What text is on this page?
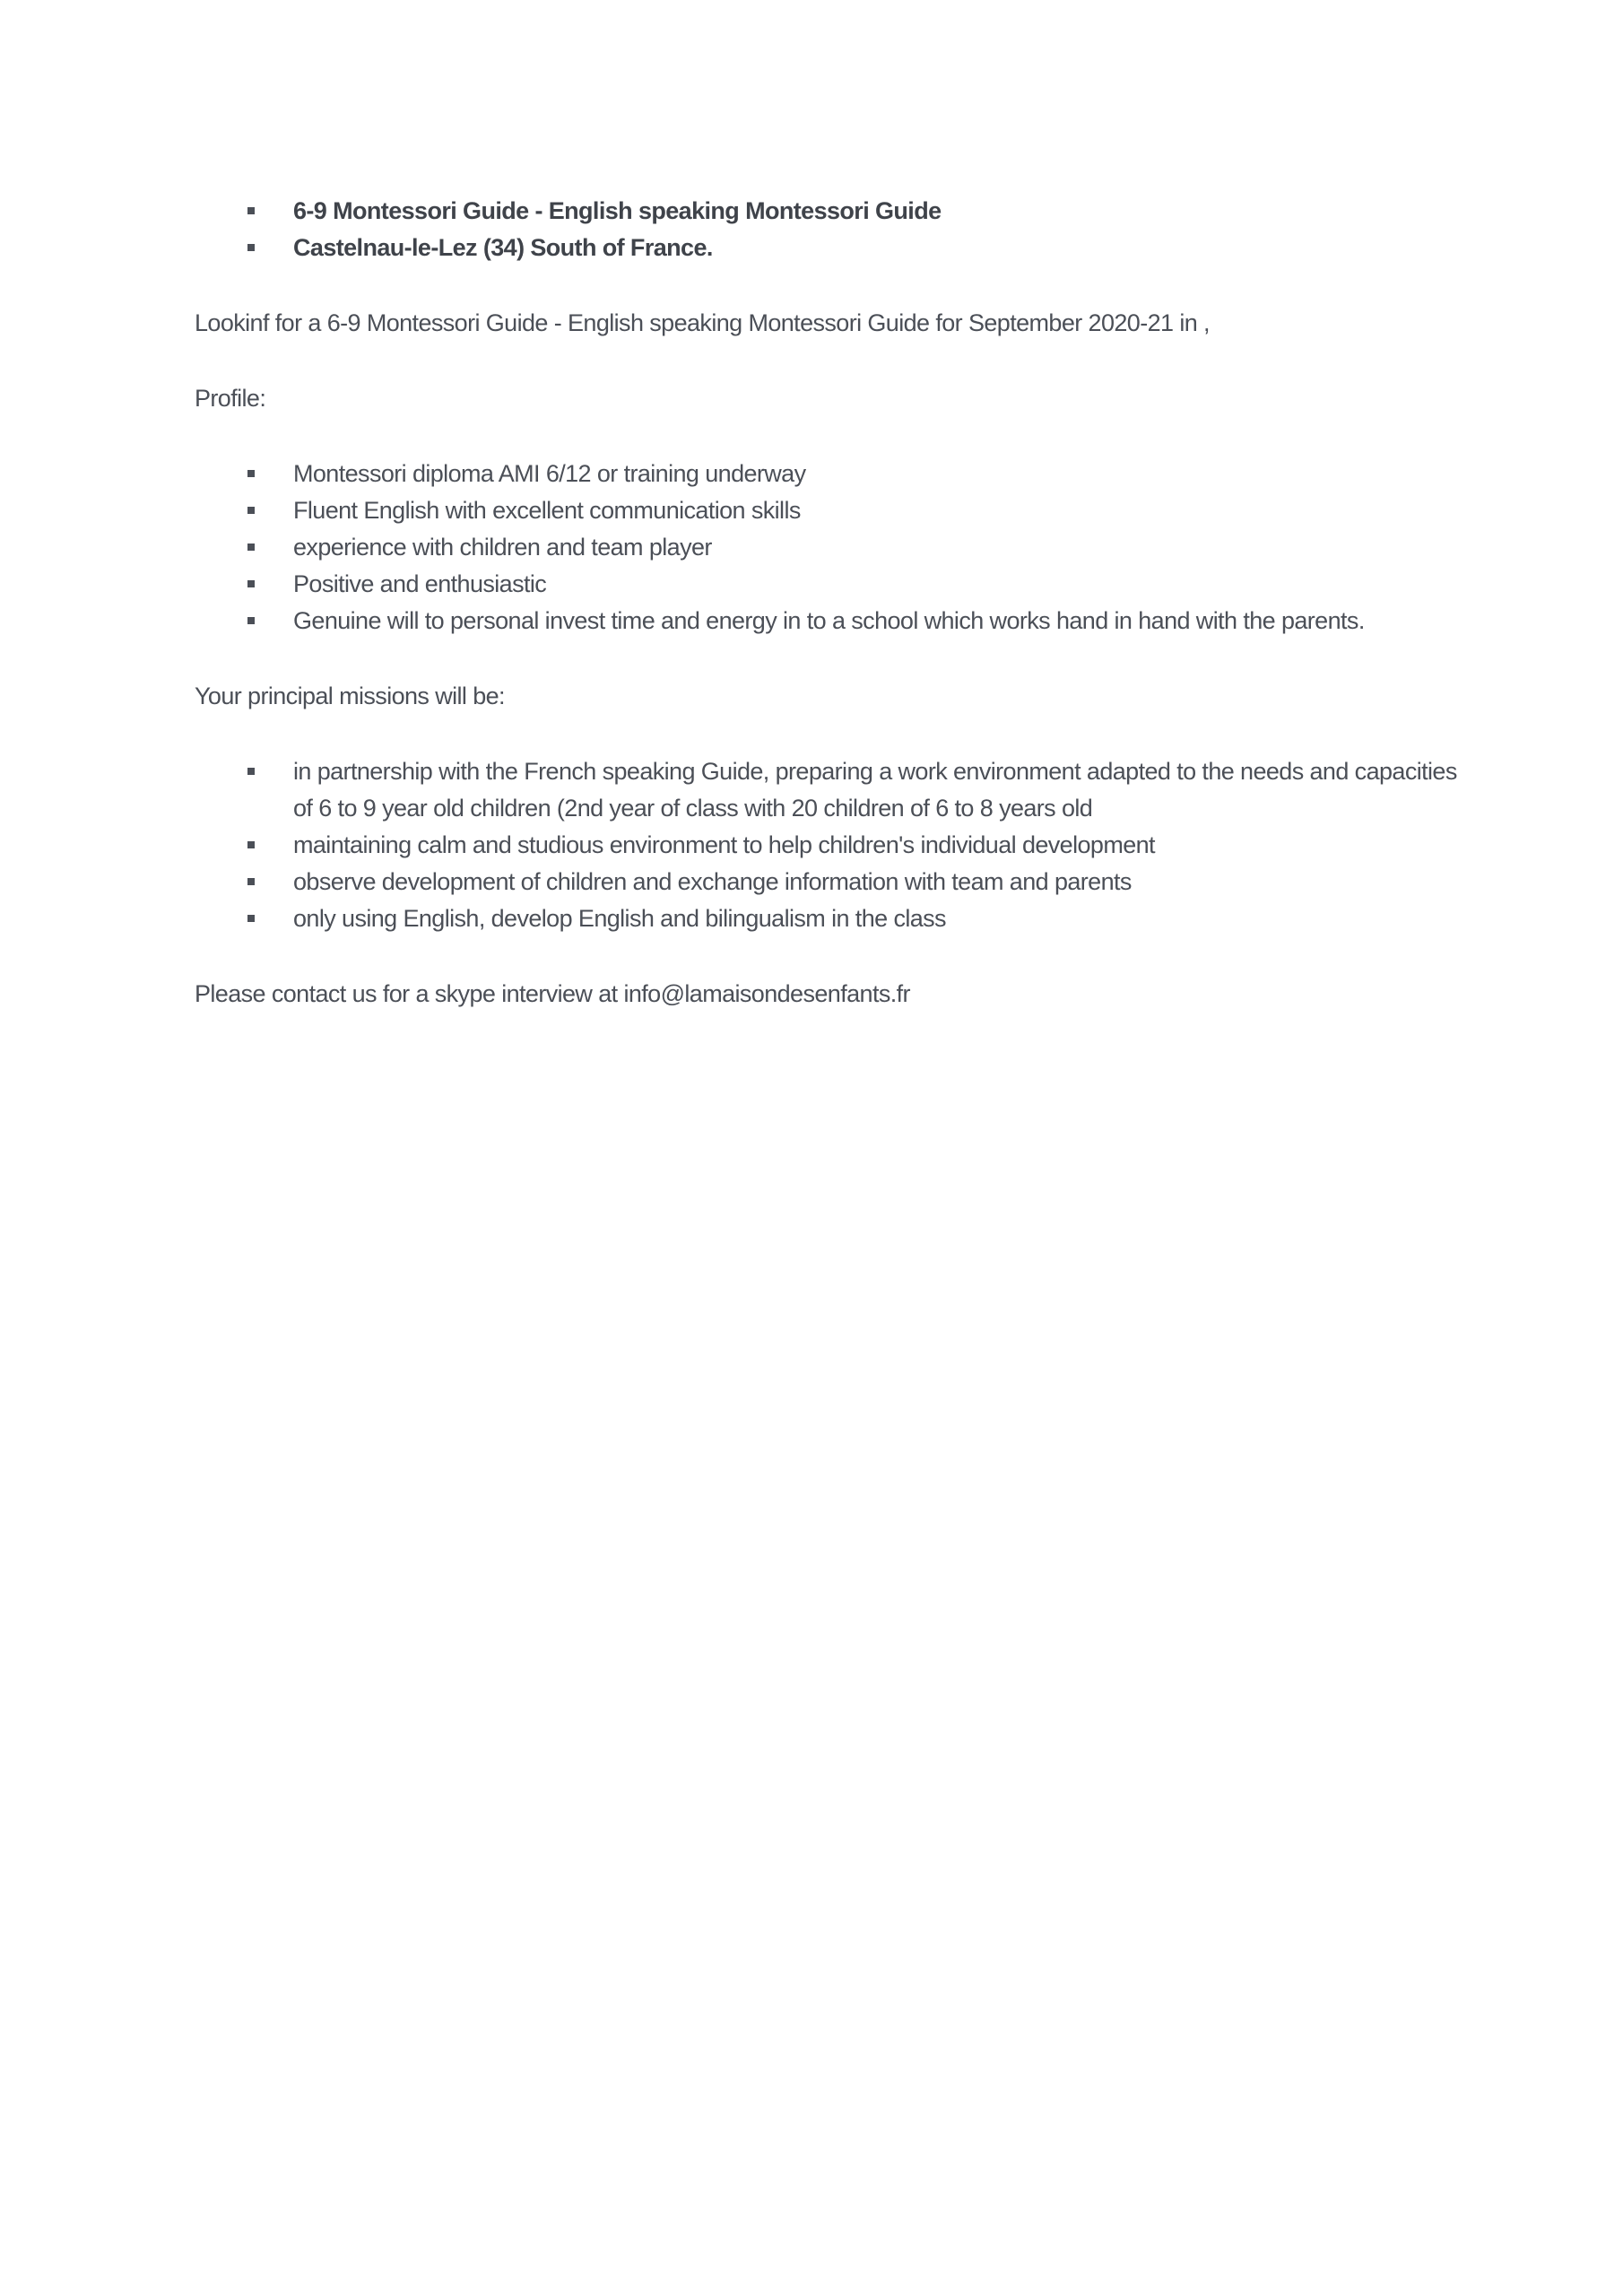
6-9 Montessori Guide - English speaking Montessori Guide
Castelnau-le-Lez (34) South of France.

Lookinf for a 6-9 Montessori Guide - English speaking Montessori Guide for September 2020-21 in ,

Profile:

Montessori diploma AMI 6/12 or training underway
Fluent English with excellent communication skills
experience with children and team player
Positive and enthusiastic
Genuine will to personal invest time and energy in to a school which works hand in hand with the parents.

Your principal missions will be:

in partnership with the French speaking Guide, preparing a work environment adapted to the needs and capacities of 6 to 9 year old children (2nd year of class with 20 children of 6 to 8 years old
maintaining calm and studious environment to help children's individual development
observe development of children and exchange information with team and parents
only using English, develop English and bilingualism in the class

Please contact us for a skype interview at info@lamaisondesenfants.fr
